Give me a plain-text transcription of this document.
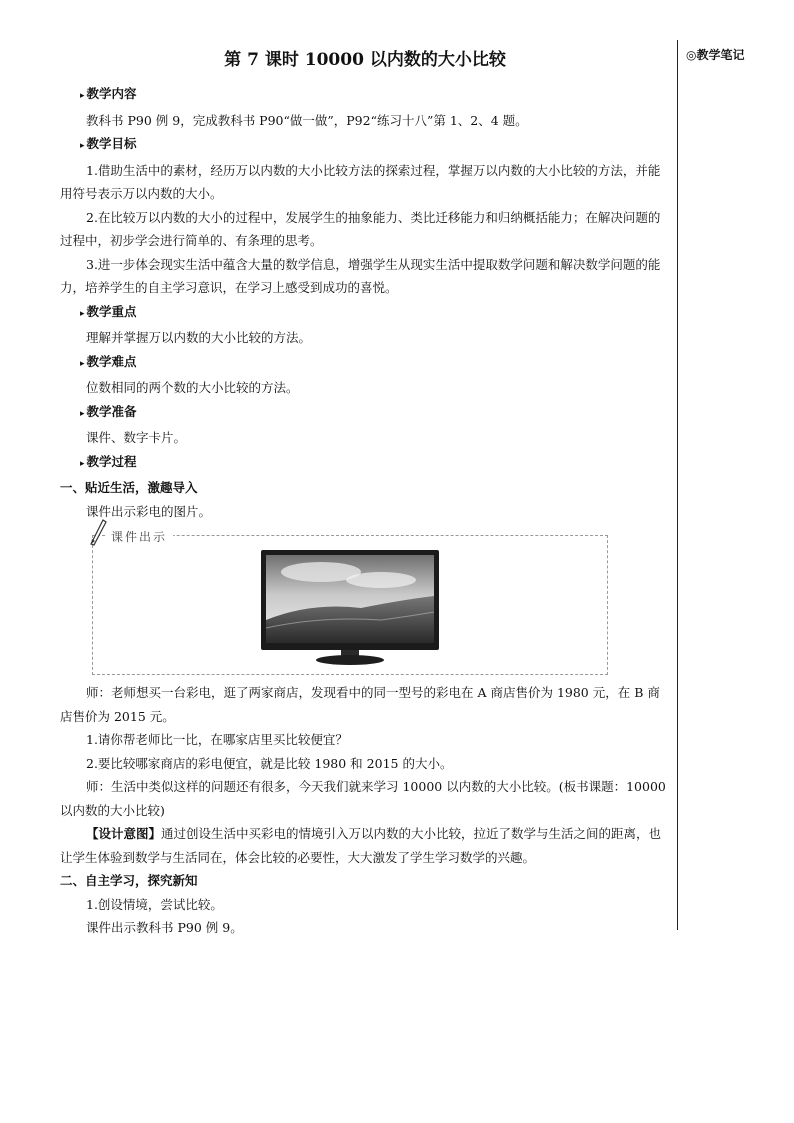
◎教学笔记
第 7 课时 10000 以内数的大小比较
▸ 教学内容

教科书 P90 例 9，完成教科书 P90“做一做”，P92“练习十八”第 1、2、4 题。

▸ 教学目标

1.借助生活中的素材，经历万以内数的大小比较方法的探索过程，掌握万以内数的大小比较的方法，并能用符号表示万以内数的大小。

2.在比较万以内数的大小的过程中，发展学生的抽象能力、类比迁移能力和归纳概括能力；在解决问题的过程中，初步学会进行简单的、有条理的思考。

3.进一步体会现实生活中蕴含大量的数学信息，增强学生从现实生活中提取数学问题和解决数学问题的能力，培养学生的自主学习意识，在学习上感受到成功的喜悦。

▸ 教学重点

理解并掌握万以内数的大小比较的方法。

▸ 教学难点

位数相同的两个数的大小比较的方法。

▸ 教学准备

课件、数字卡片。

▸ 教学过程

一、贴近生活，激趣导入

课件出示彩电的图片。

课件出示

师：老师想买一台彩电，逛了两家商店，发现看中的同一型号的彩电在 A 商店售价为 1980 元，在 B 商店售价为 2015 元。

1.请你帮老师比一比，在哪家店里买比较便宜？

2.要比较哪家商店的彩电便宜，就是比较 1980 和 2015 的大小。

师：生活中类似这样的问题还有很多，今天我们就来学习 10000 以内数的大小比较。(板书课题：10000 以内数的大小比较)

【设计意图】通过创设生活中买彩电的情境引入万以内数的大小比较，拉近了数学与生活之间的距离，也让学生体验到数学与生活同在，体会比较的必要性，大大激发了学生学习数学的兴趣。

二、自主学习，探究新知

1.创设情境，尝试比较。

课件出示教科书 P90 例 9。
